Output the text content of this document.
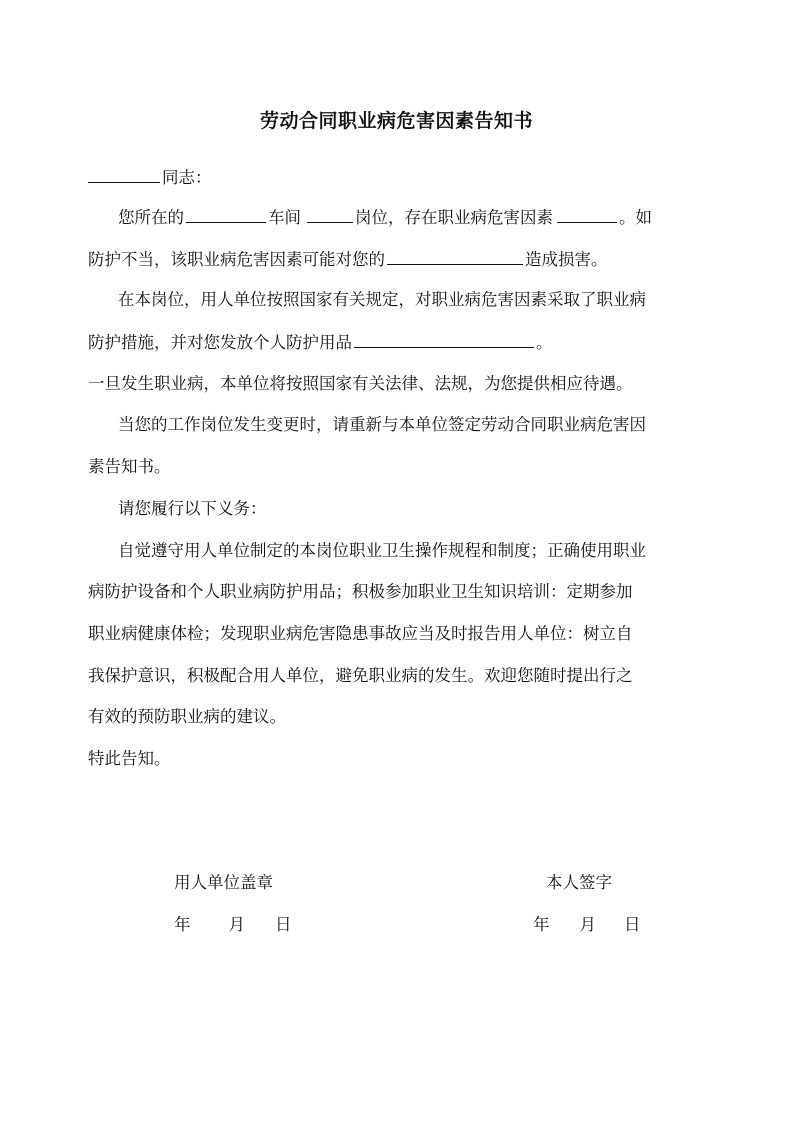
劳动合同职业病危害因素告知书
同志：
您所在的	车间	岗位，存在职业病危害因素	。如
防护不当，该职业病危害因素可能对您的	造成损害。
在本岗位，用人单位按照国家有关规定，对职业病危害因素采取了职业病
防护措施，并对您发放个人防护用品	。
一旦发生职业病，本单位将按照国家有关法律、法规，为您提供相应待遇。
当您的工作岗位发生变更时，请重新与本单位签定劳动合同职业病危害因
素告知书。
请您履行以下义务：
自觉遵守用人单位制定的本岗位职业卫生操作规程和制度；正确使用职业
病防护设备和个人职业病防护用品；积极参加职业卫生知识培训：定期参加
职业病健康体检；发现职业病危害隐患事故应当及时报告用人单位：树立自
我保护意识，积极配合用人单位，避免职业病的发生。欢迎您随时提出行之
有效的预防职业病的建议。
特此告知。
用人单位盖章	本人签字
年 月 日	年 月 日
